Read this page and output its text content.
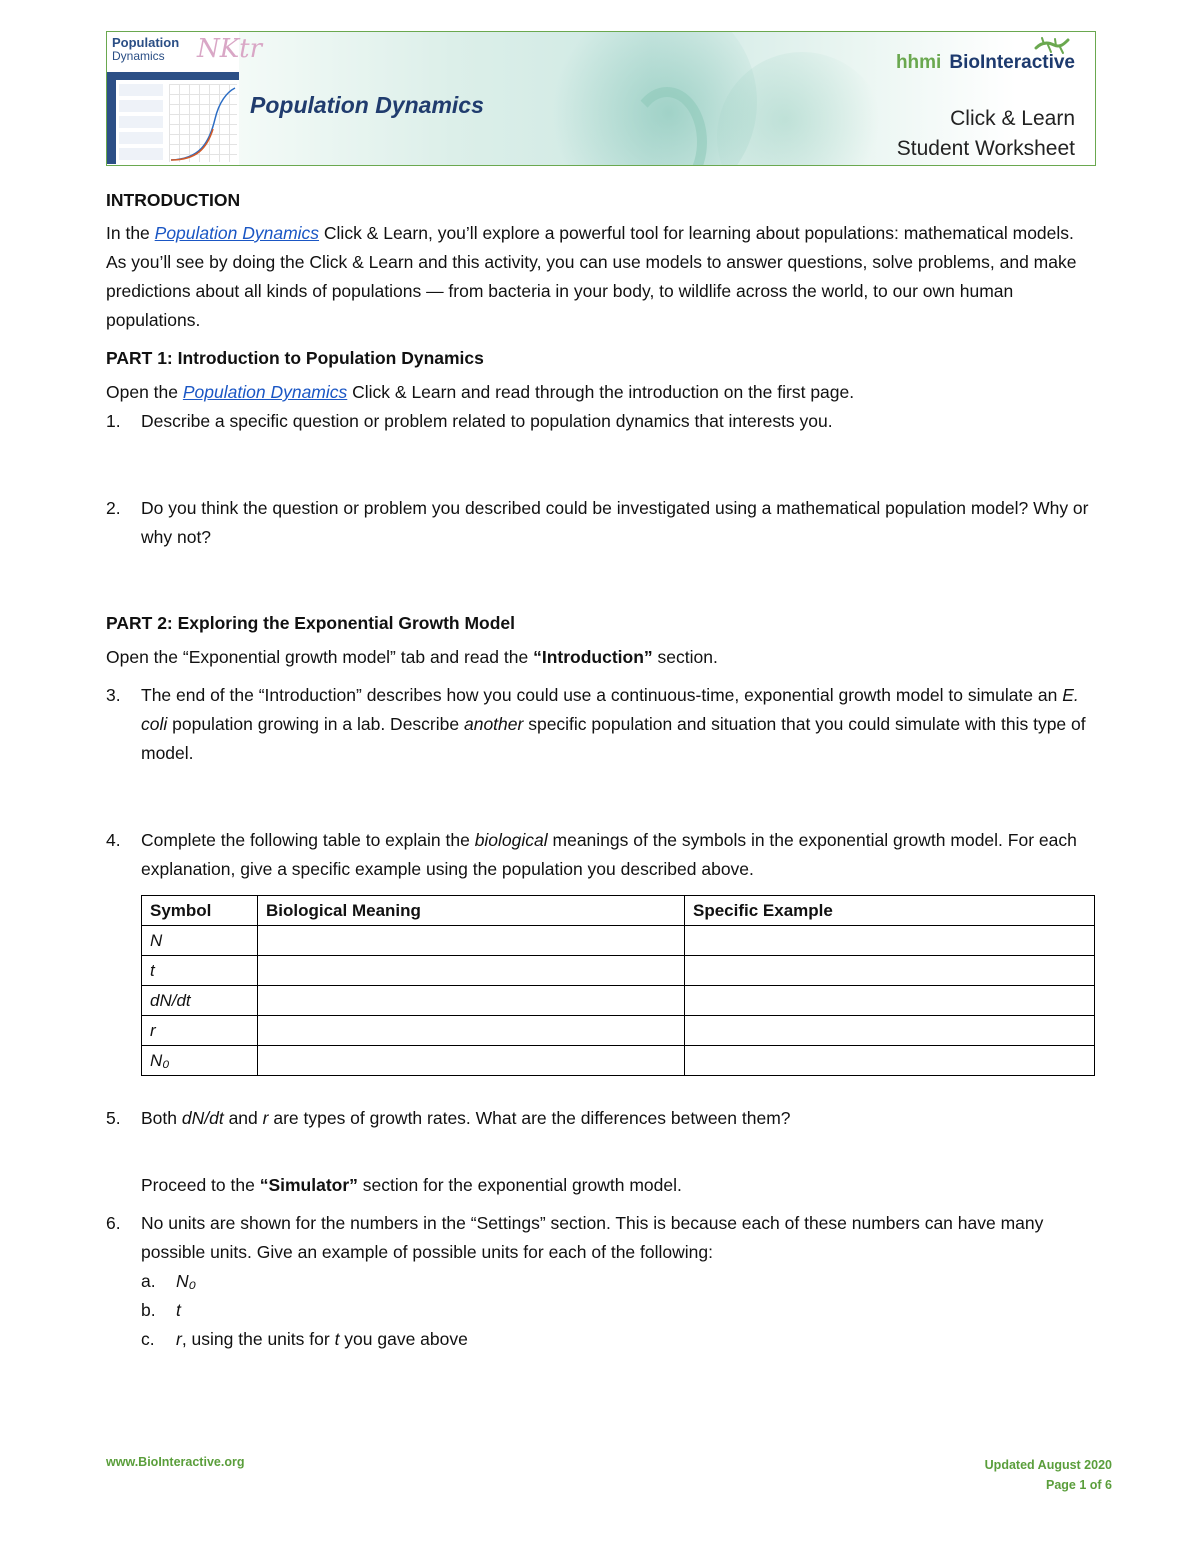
Population
Dynamics NKtr
Population Dynamics
hhmi BioInteractive
Click & Learn
Student Worksheet

INTRODUCTION

In the Population Dynamics Click & Learn, you’ll explore a powerful tool for learning about populations: mathematical models. As you’ll see by doing the Click & Learn and this activity, you can use models to answer questions, solve problems, and make predictions about all kinds of populations — from bacteria in your body, to wildlife across the world, to our own human populations.

PART 1: Introduction to Population Dynamics

Open the Population Dynamics Click & Learn and read through the introduction on the first page.

1. Describe a specific question or problem related to population dynamics that interests you.
2. Do you think the question or problem you described could be investigated using a mathematical population model? Why or why not?

PART 2: Exploring the Exponential Growth Model

Open the “Exponential growth model” tab and read the “Introduction” section.

3. The end of the “Introduction” describes how you could use a continuous-time, exponential growth model to simulate an E. coli population growing in a lab. Describe another specific population and situation that you could simulate with this type of model.
4. Complete the following table to explain the biological meanings of the symbols in the exponential growth model. For each explanation, give a specific example using the population you described above.
Symbol	Biological Meaning	Specific Example
N		
t		
dN/dt		
r		
N₀		
5. Both dN/dt and r are types of growth rates. What are the differences between them?

Proceed to the “Simulator” section for the exponential growth model.

6. No units are shown for the numbers in the “Settings” section. This is because each of these numbers can have many possible units. Give an example of possible units for each of the following:
a. N₀
b. t
c. r, using the units for t you gave above
www.BioInteractive.org	Updated August 2020
Page 1 of 6
